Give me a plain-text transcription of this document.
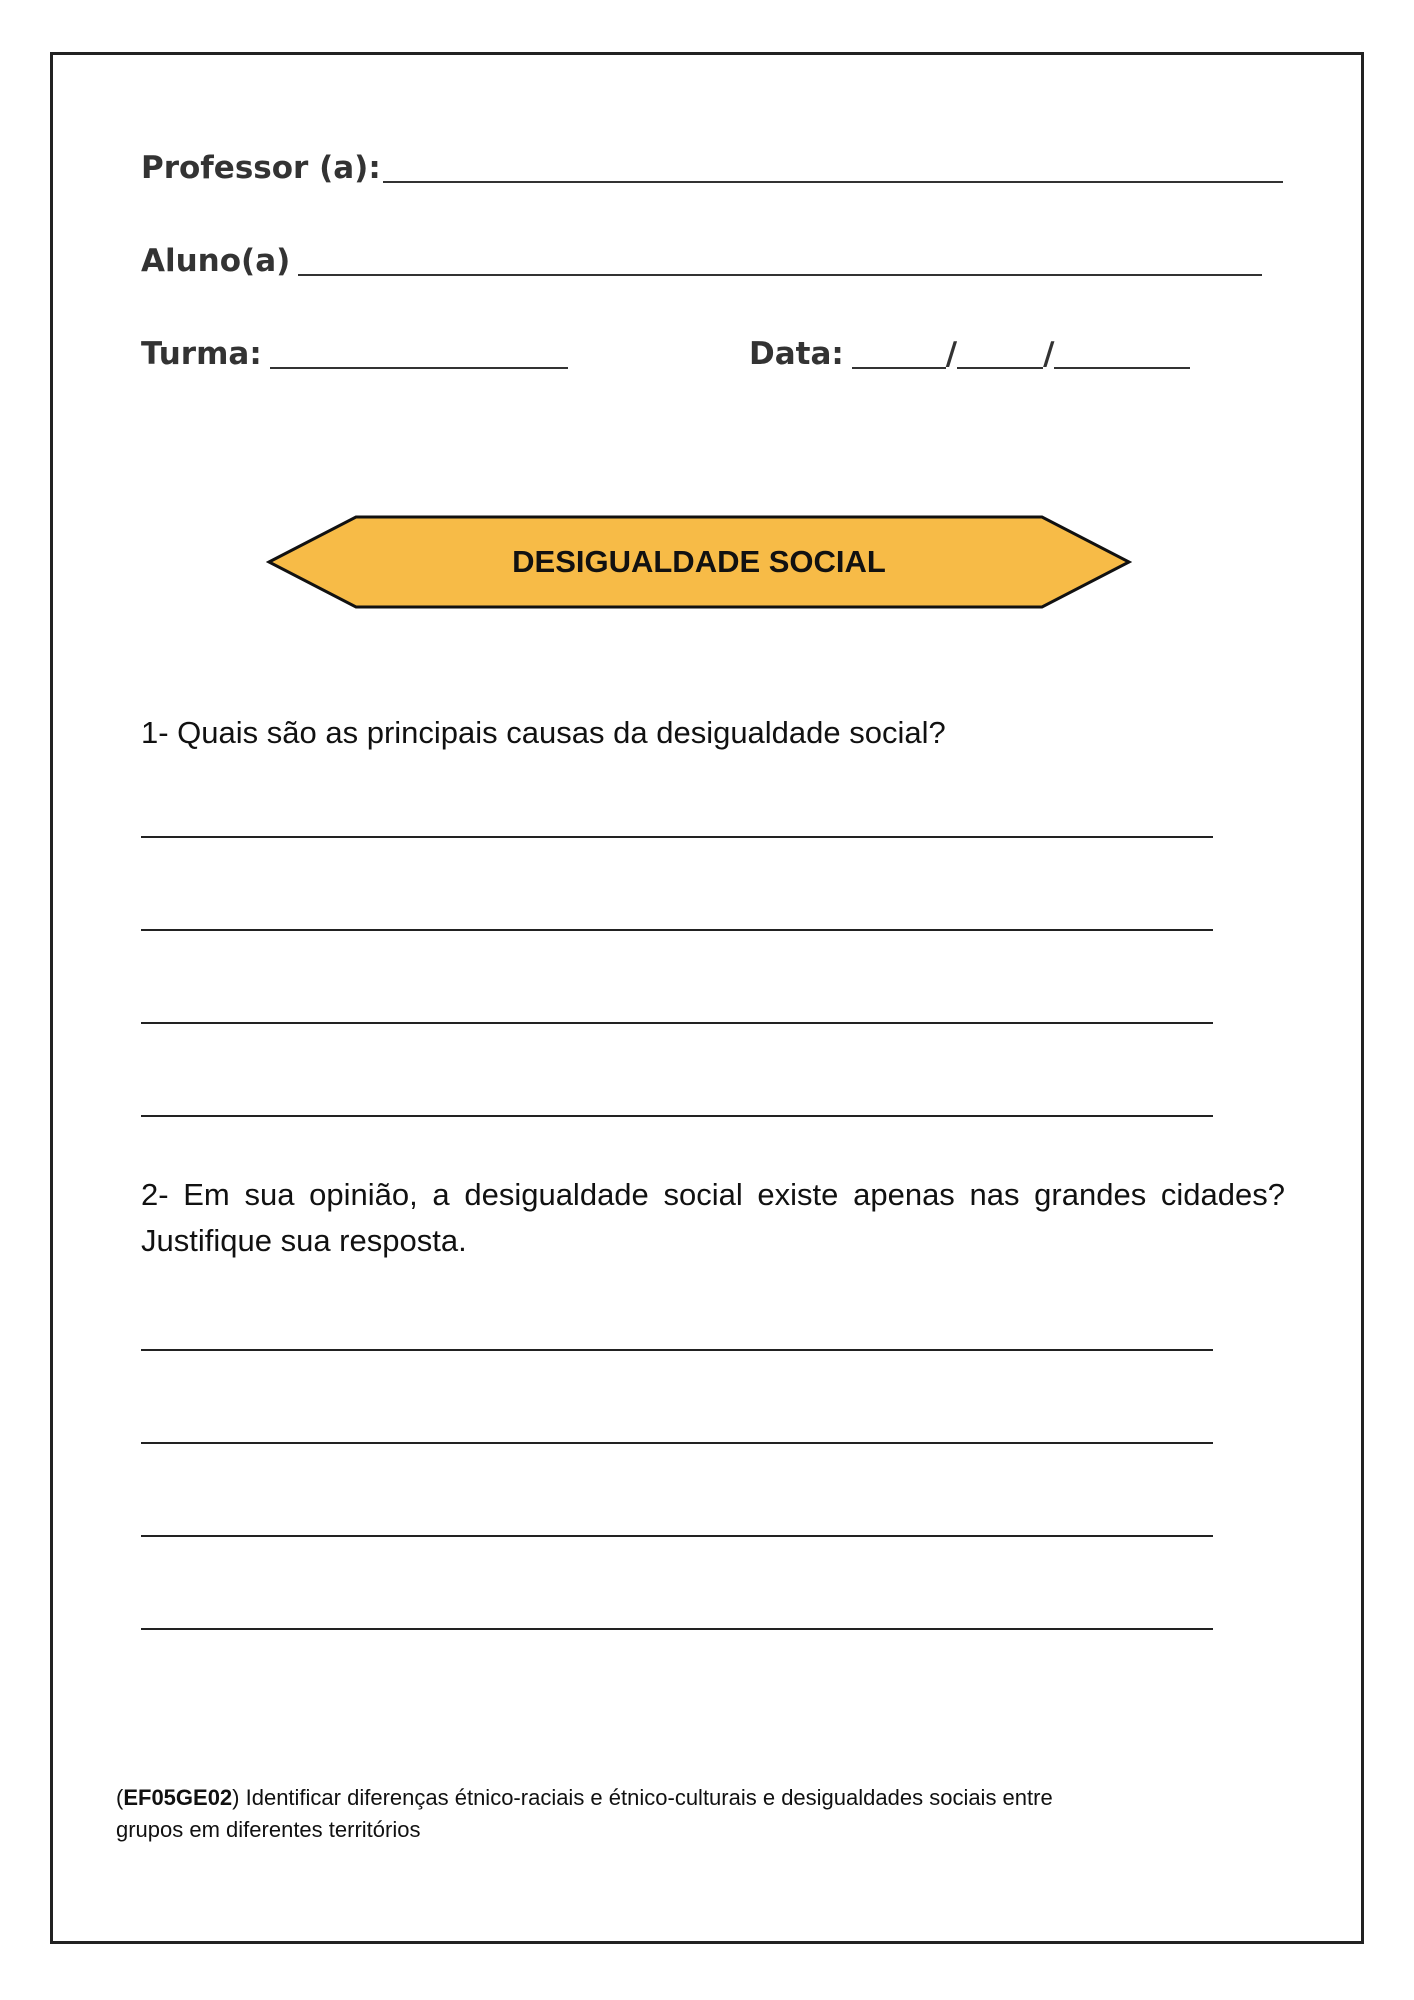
Professor (a):
Aluno(a)
Turma:	Data:	/	/
DESIGUALDADE SOCIAL
1- Quais são as principais causas da desigualdade social?
2- Em sua opinião, a desigualdade social existe apenas nas grandes cidades? Justifique sua resposta.
(EF05GE02) Identificar diferenças étnico-raciais e étnico-culturais e desigualdades sociais entre grupos em diferentes territórios
